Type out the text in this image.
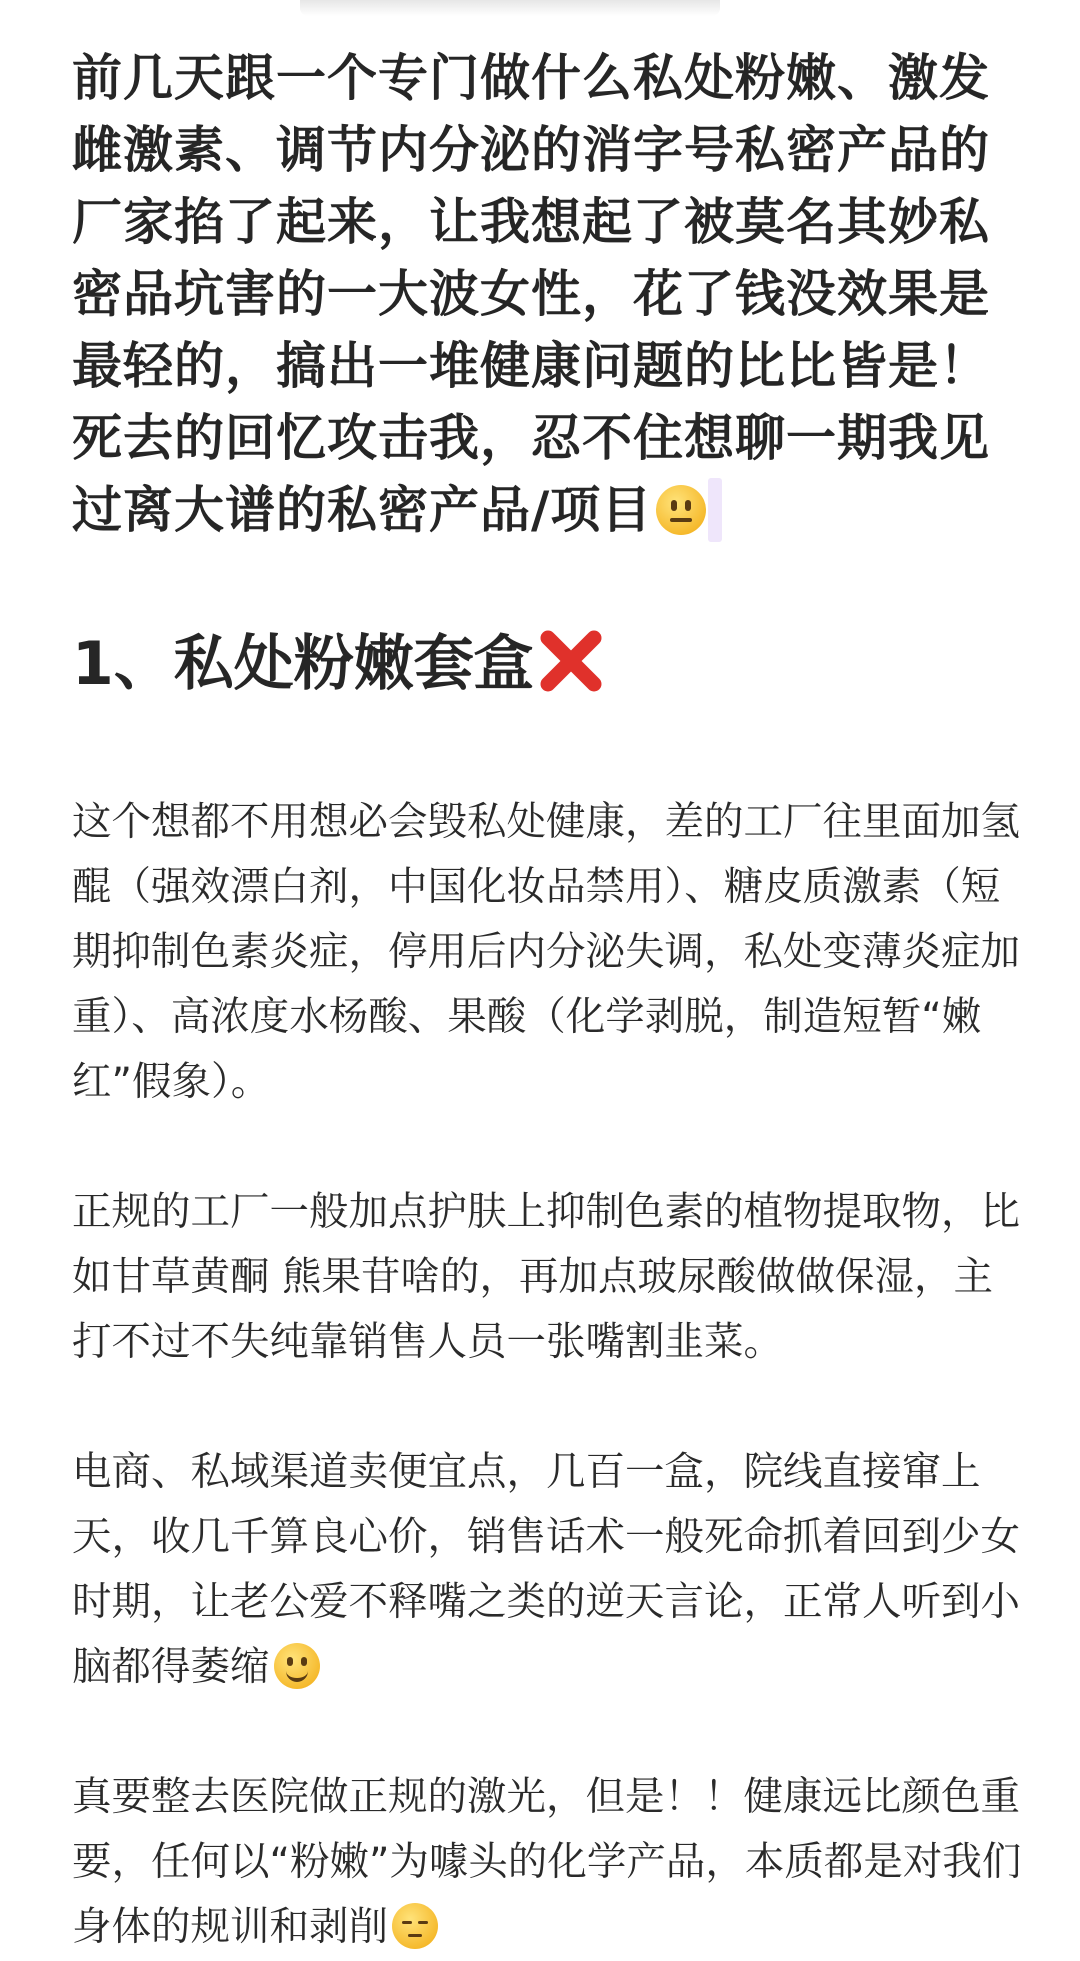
前几天跟一个专门做什么私处粉嫩、激发雌激素、调节内分泌的消字号私密产品的厂家掐了起来，让我想起了被莫名其妙私密品坑害的一大波女性，花了钱没效果是最轻的，搞出一堆健康问题的比比皆是！

死去的回忆攻击我，忍不住想聊一期我见过离大谱的私密产品/项目

1、私处粉嫩套盒

这个想都不用想必会毁私处健康，差的工厂往里面加氢醌（强效漂白剂，中国化妆品禁用）、糖皮质激素（短期抑制色素炎症，停用后内分泌失调，私处变薄炎症加重）、高浓度水杨酸、果酸（化学剥脱，制造短暂“嫩红”假象）。

正规的工厂一般加点护肤上抑制色素的植物提取物，比如甘草黄酮 熊果苷啥的，再加点玻尿酸做做保湿，主打不过不失纯靠销售人员一张嘴割韭菜。

电商、私域渠道卖便宜点，几百一盒，院线直接窜上天，收几千算良心价，销售话术一般死命抓着回到少女时期，让老公爱不释嘴之类的逆天言论，正常人听到小脑都得萎缩

真要整去医院做正规的激光，但是！！健康远比颜色重要，任何以“粉嫩”为噱头的化学产品，本质都是对我们身体的规训和剥削
